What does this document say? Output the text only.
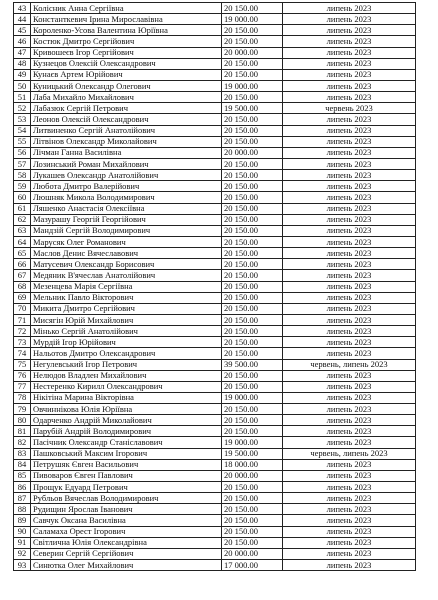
43	Колісник Анна Сергіївна	20 150.00	липень 2023
44	Константкевич Ірина Мирославівна	19 000.00	липень 2023
45	Короленко-Усова Валентина Юріївна	20 150.00	липень 2023
46	Костюк Дмитро Сергійович	20 150.00	липень 2023
47	Кривошеєв Ігор Сергійович	20 000.00	липень 2023
48	Кузнецов Олексій Олександрович	20 150.00	липень 2023
49	Кунаєв Артем Юрійович	20 150.00	липень 2023
50	Куницький Олександр Олегович	19 000.00	липень 2023
51	Лаба Михайло Михайлович	20 150.00	липень 2023
52	Лабазюк Сергій Петрович	19 500.00	червень 2023
53	Леонов Олексій Олександрович	20 150.00	липень 2023
54	Литвиненко Сергій Анатолійович	20 150.00	липень 2023
55	Літвінов Олександр Миколайович	20 150.00	липень 2023
56	Лічман Ганна Василівна	20 000.00	липень 2023
57	Лозинський Роман Михайлович	20 150.00	липень 2023
58	Лукашев Олександр Анатолійович	20 150.00	липень 2023
59	Любота Дмитро Валерійович	20 150.00	липень 2023
60	Люшняк Микола Володимирович	20 150.00	липень 2023
61	Ляшенко Анастасія Олексіївна	20 150.00	липень 2023
62	Мазурашу Георгій Георгійович	20 150.00	липень 2023
63	Мандзій Сергій Володимирович	20 150.00	липень 2023
64	Марусяк Олег Романович	20 150.00	липень 2023
65	Маслов Денис Вячеславович	20 150.00	липень 2023
66	Матусевич Олександр Борисович	20 150.00	липень 2023
67	Медяник В'ячеслав Анатолійович	20 150.00	липень 2023
68	Мезенцева Марія Сергіївна	20 150.00	липень 2023
69	Мельник Павло Вікторович	20 150.00	липень 2023
70	Микита Дмитро Сергійович	20 150.00	липень 2023
71	Мисягін Юрій Михайлович	20 150.00	липень 2023
72	Мінько Сергій Анатолійович	20 150.00	липень 2023
73	Мурдій Ігор Юрійович	20 150.00	липень 2023
74	Нальотов Дмитро Олександрович	20 150.00	липень 2023
75	Негулевський Ігор Петрович	39 500.00	червень, липень 2023
76	Нелюдов Владлен Михайлович	20 150.00	липень 2023
77	Нестеренко Кирилл Олександрович	20 150.00	липень 2023
78	Нікітіна Марина Вікторівна	19 000.00	липень 2023
79	Овчиннікова Юлія Юріївна	20 150.00	липень 2023
80	Одарченко Андрій Миколайович	20 150.00	липень 2023
81	Парубій Андрій Володимирович	20 150.00	липень 2023
82	Пасічник Олександр Станіславович	19 000.00	липень 2023
83	Пашковський Максим Ігорович	19 500.00	червень, липень 2023
84	Петрушяк Євген Васильович	18 000.00	липень 2023
85	Пивоваров Євген Павлович	20 000.00	липень 2023
86	Прощук Едуард Петрович	20 150.00	липень 2023
87	Рубльов Вячеслав Володимирович	20 150.00	липень 2023
88	Рудищин Ярослав Іванович	20 150.00	липень 2023
89	Савчук Оксана Василівна	20 150.00	липень 2023
90	Саламаха Орест Ігорович	20 150.00	липень 2023
91	Світлична Юлія Олександрівна	20 150.00	липень 2023
92	Северин Сергій Сергійович	20 000.00	липень 2023
93	Синютка Олег Михайлович	17 000.00	липень 2023
